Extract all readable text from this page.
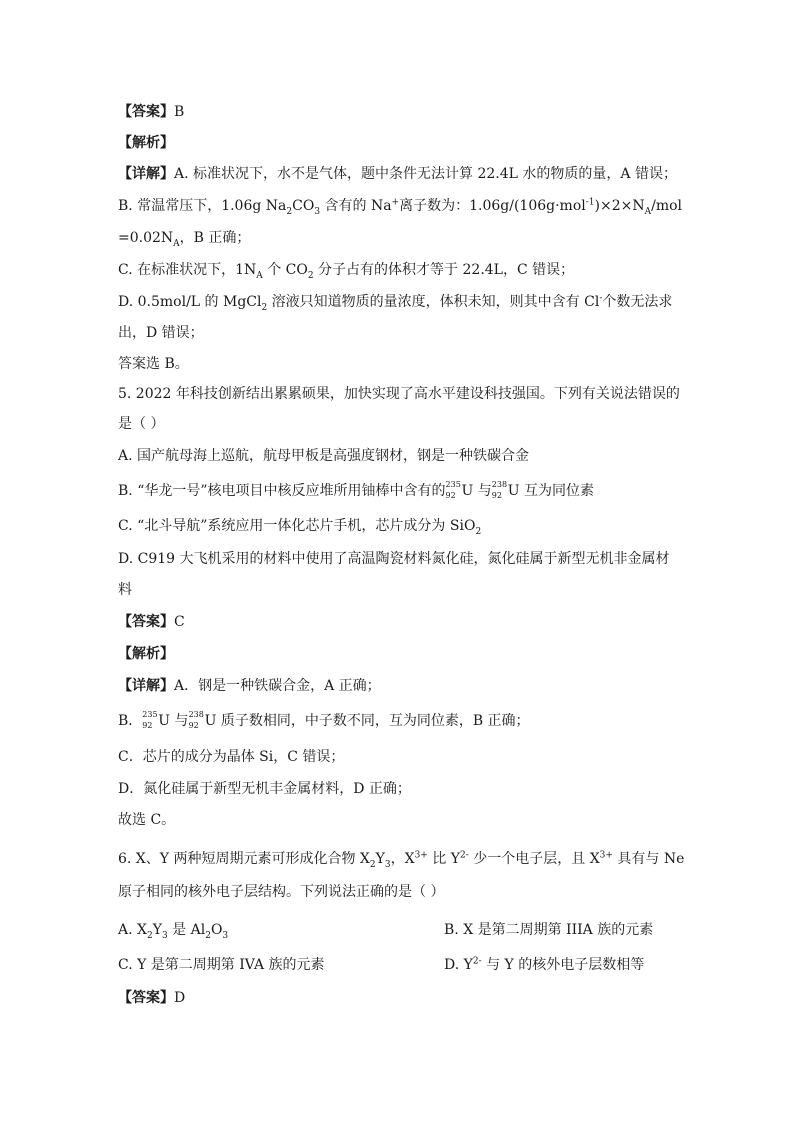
【答案】B
【解析】
【详解】A. 标准状况下，水不是气体，题中条件无法计算 22.4L 水的物质的量，A 错误；
B. 常温常压下，1.06g $Na_2CO_3$ 含有的 Na+离子数为：$1.06g/(106g\cdot mol^{-1})\times 2\times N_A$/mol
$=0.02N_A$，B 正确；
C. 在标准状况下，$1N_A$ 个 $CO_2$ 分子占有的体积才等于 22.4L，C 错误；
D. 0.5mol/L 的 MgCl$_2$ 溶液只知道物质的量浓度，体积未知，则其中含有 Cl-个数无法求
出，D 错误；
答案选 B。
5. 2022 年科技创新结出累累硕果，加快实现了高水平建设科技强国。下列有关说法错误的
是（ ）
A. 国产航母海上巡航，航母甲板是高强度钢材，钢是一种铁碳合金
B. “华龙一号”核电项目中核反应堆所用铀棒中含有的 235
92 U 与 238
92 U 互为同位素
C. “北斗导航”系统应用一体化芯片手机，芯片成分为 SiO$_2$
D. C919 大飞机采用的材料中使用了高温陶瓷材料氮化硅，氮化硅属于新型无机非金属材
料
【答案】C
【解析】
【详解】A．钢是一种铁碳合金，A 正确；
B． 235
92 U 与 238
92 U 质子数相同，中子数不同，互为同位素，B 正确；
C．芯片的成分为晶体 Si，C 错误；
D．氮化硅属于新型无机丰金属材料，D 正确；
故选 C。
6. X、Y 两种短周期元素可形成化合物 $X_2Y_3$，$X^{3+}$ 比 $Y^{2-}$ 少一个电子层，且 $X^{3+}$ 具有与 Ne
原子相同的核外电子层结构。下列说法正确的是（ ）
A. $X_2Y_3$ 是 $Al_2O_3$	B. X 是第二周期第 IIIA 族的元素
C. Y 是第二周期第 IVA 族的元素	D. $Y^{2-}$ 与 Y 的核外电子层数相等
【答案】D
